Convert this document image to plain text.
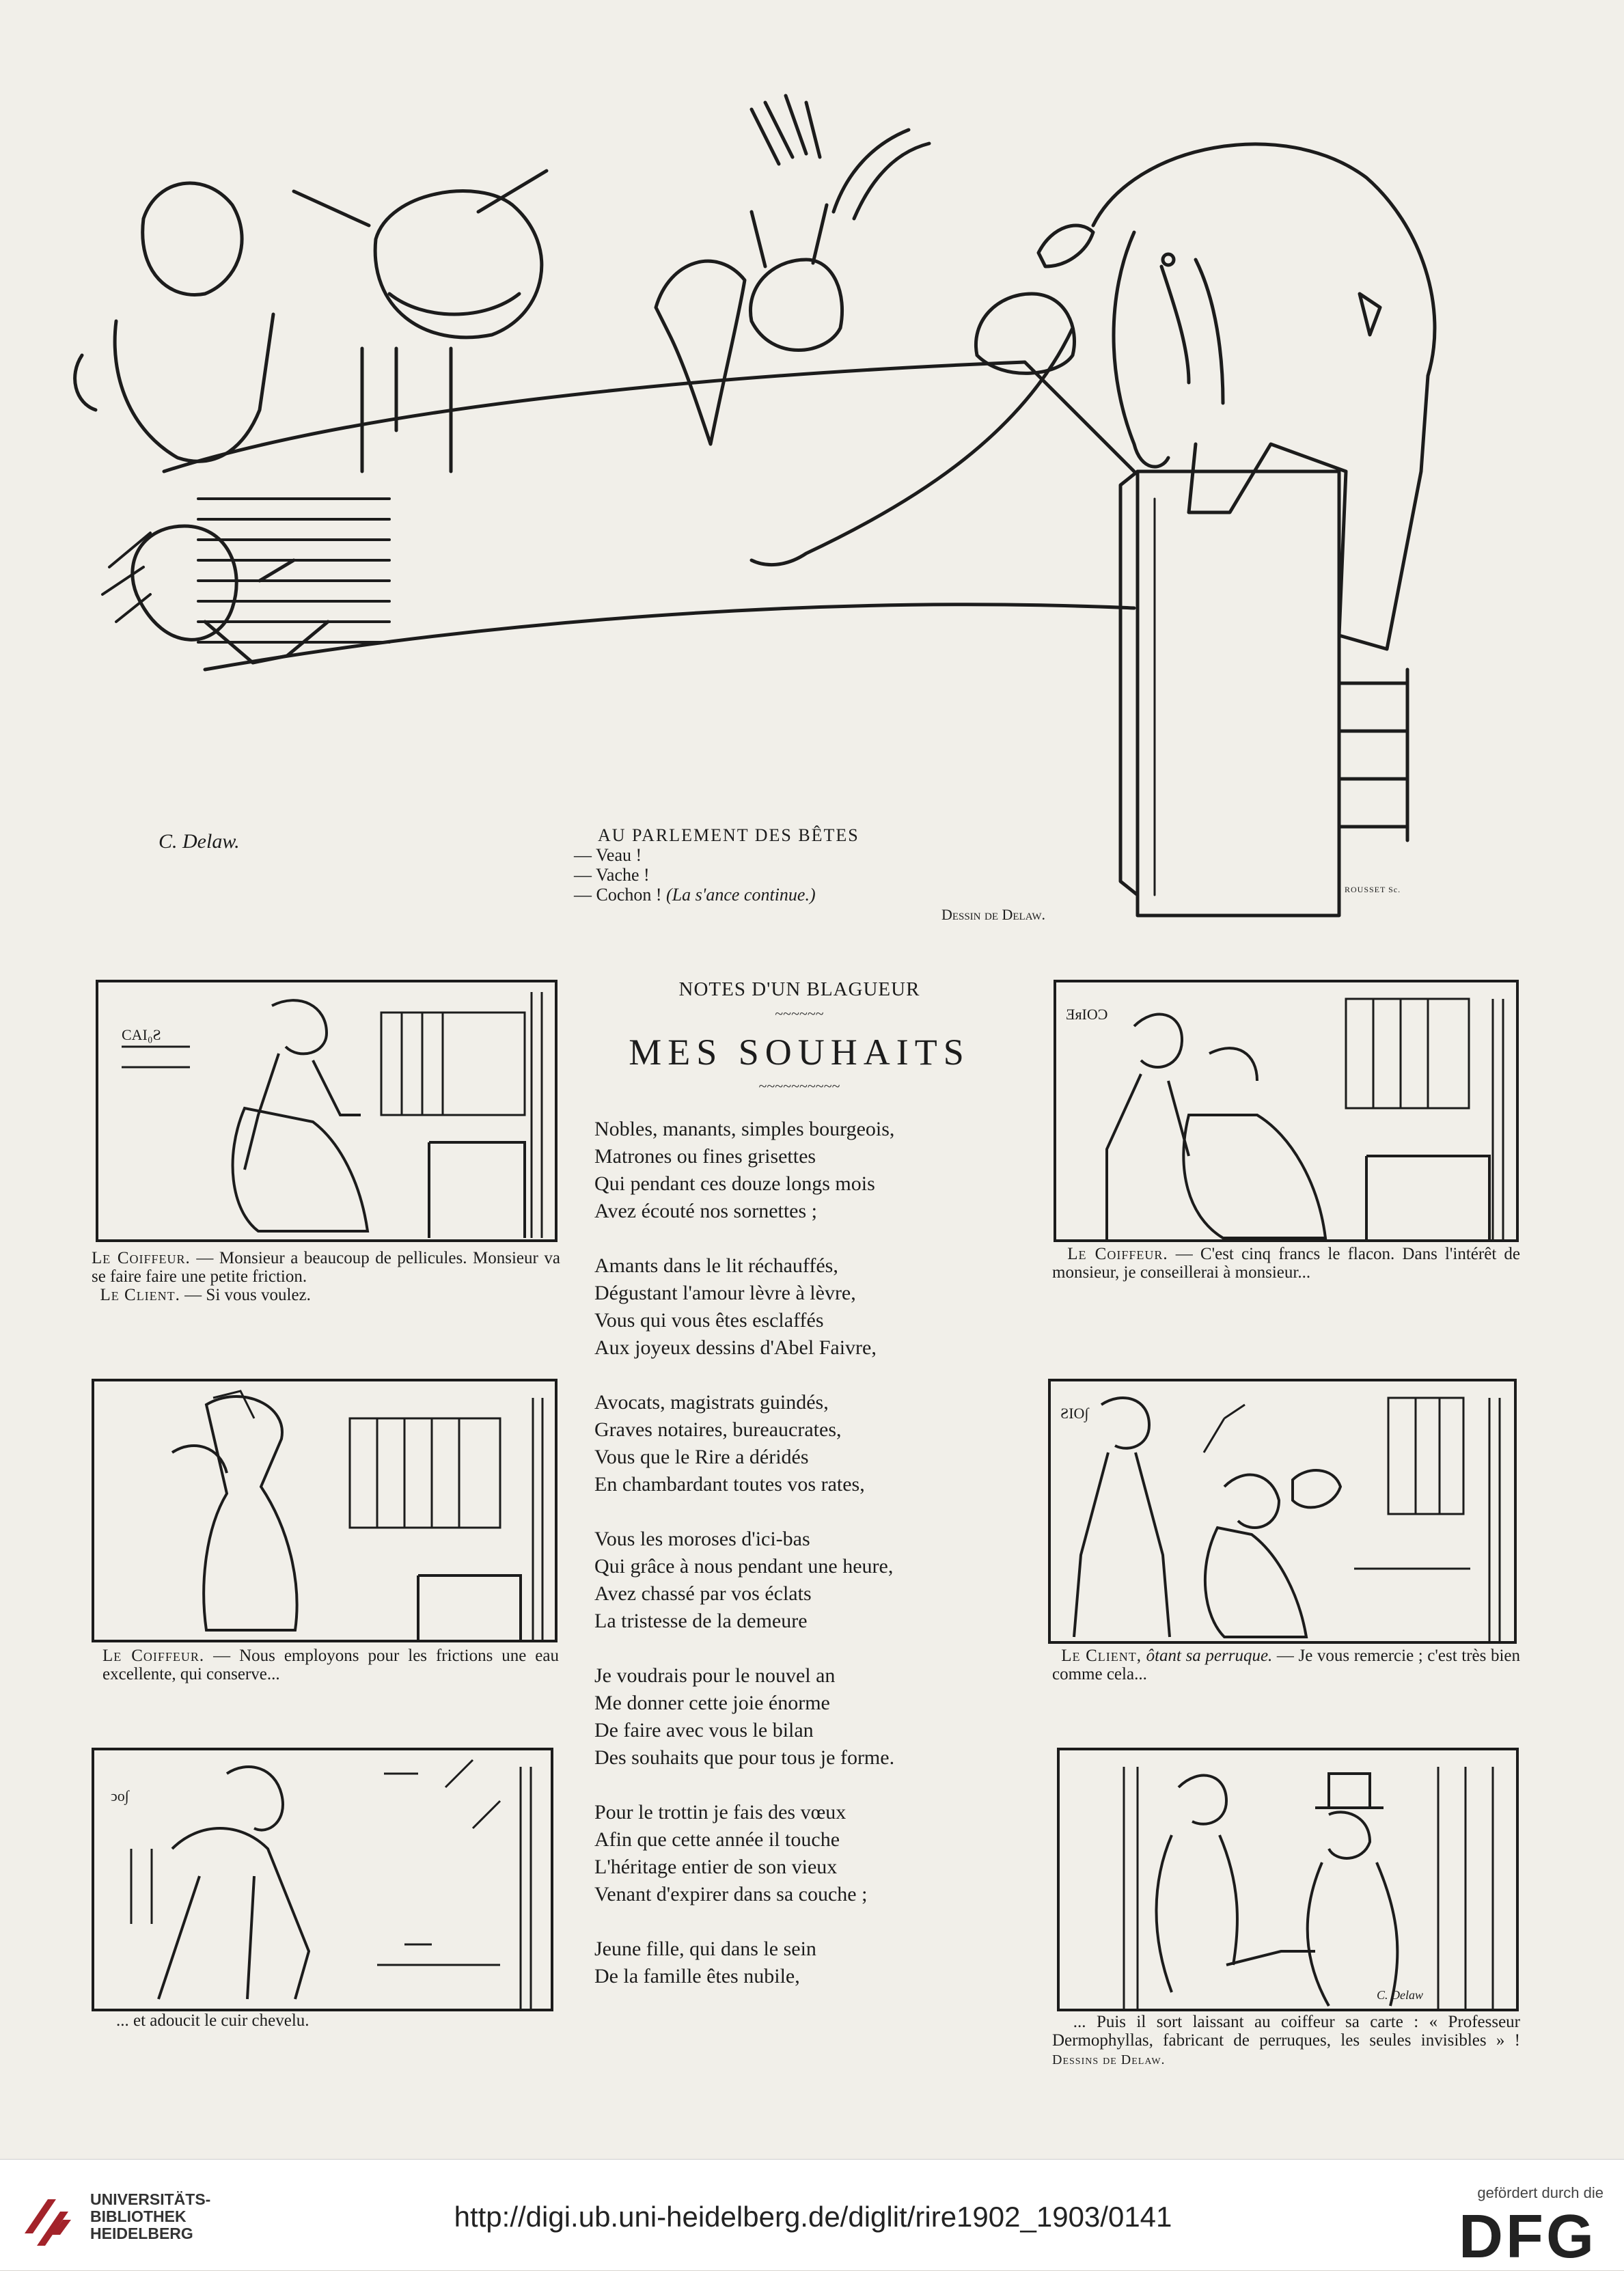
C. Delaw.
ROUSSET Sc.
AU PARLEMENT DES BÊTES
— Veau !
— Vache !
— Cochon ! (La s'ance continue.)
Dessin de Delaw.
CAI₀Ƨ
Le Coiffeur. — Monsieur a beaucoup de pellicules. Monsieur va se faire faire une petite friction.
Le Client. — Si vous voulez.
Le Coiffeur. — Nous employons pour les frictions une eau excellente, qui conserve...
ↄo∫
... et adoucit le cuir chevelu.
NOTES D'UN BLAGUEUR
~~~~~~
MES SOUHAITS
~~~~~~~~~~
Nobles, manants, simples bourgeois,
Matrones ou fines grisettes
Qui pendant ces douze longs mois
Avez écouté nos sornettes ;
Amants dans le lit réchauffés,
Dégustant l'amour lèvre à lèvre,
Vous qui vous êtes esclaffés
Aux joyeux dessins d'Abel Faivre,
Avocats, magistrats guindés,
Graves notaires, bureaucrates,
Vous que le Rire a déridés
En chambardant toutes vos rates,
Vous les moroses d'ici-bas
Qui grâce à nous pendant une heure,
Avez chassé par vos éclats
La tristesse de la demeure
Je voudrais pour le nouvel an
Me donner cette joie énorme
De faire avec vous le bilan
Des souhaits que pour tous je forme.
Pour le trottin je fais des vœux
Afin que cette année il touche
L'héritage entier de son vieux
Venant d'expirer dans sa couche ;
Jeune fille, qui dans le sein
De la famille êtes nubile,
ƎᴙIOƆ
Le Coiffeur. — C'est cinq francs le flacon. Dans l'intérêt de monsieur, je conseillerai à monsieur...
ƧIO∫
Le Client, ôtant sa perruque. — Je vous remercie ; c'est très bien comme cela...
C. Delaw
... Puis il sort laissant au coiffeur sa carte : « Professeur Dermophyllas, fabricant de perruques, les seules invisibles » ! Dessins de Delaw.
UNIVERSITÄTS-
BIBLIOTHEK
HEIDELBERG
http://digi.ub.uni-heidelberg.de/diglit/rire1902_1903/0141
gefördert durch die
DFG
